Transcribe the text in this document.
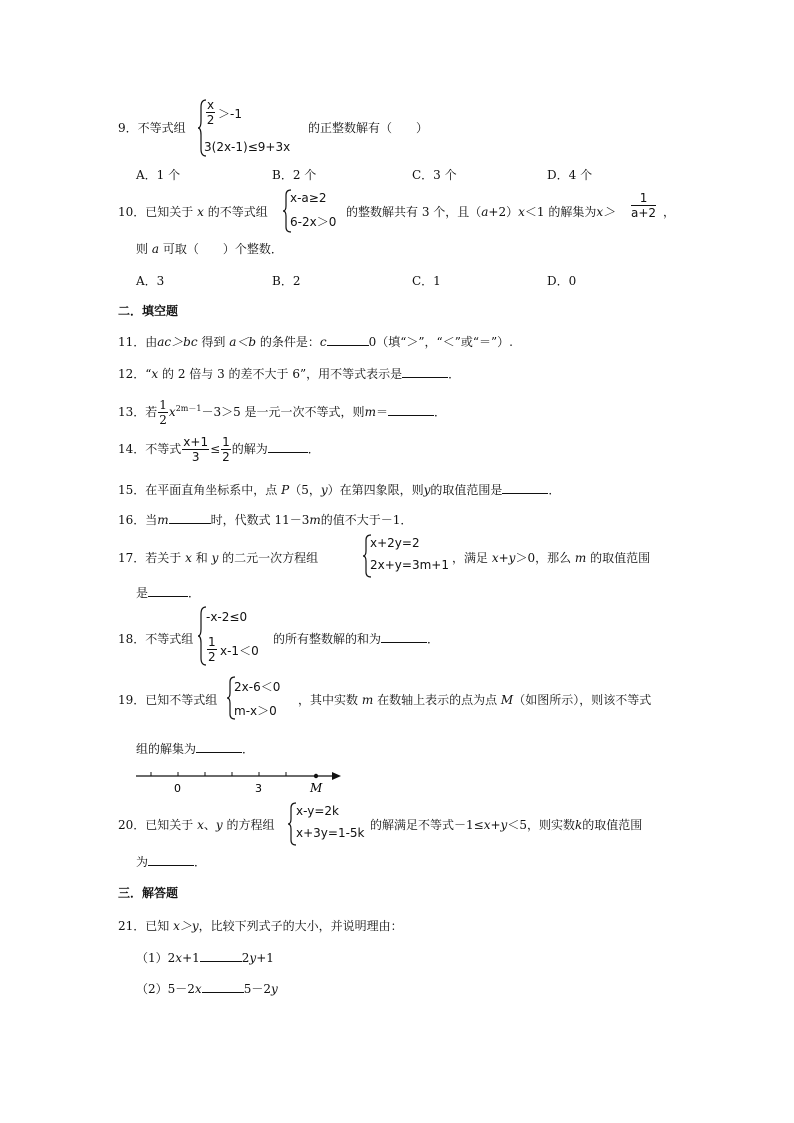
9．不等式组
$\frac{x}{2} >-1$
3(2x-1)≤9+3x
的正整数解有（　　）
A．1 个	B．2 个	C．3 个	D．4 个
10．已知关于 x 的不等式组
x-a≥2
6-2x＞0
的整数解共有 3 个，且（a+2）x＜1 的解集为$x> \frac{1}{a+2}$ ，
则 a 可取（　　）个整数．
A．3	B．2	C．1	D．0
二．填空题
11．由ac＞bc 得到 a＜b 的条件是：c	0（填“＞”，“＜”或“＝”）.
12．“x 的 2 倍与 3 的差不大于 6”，用不等式表示是	．
13．若 $\frac{1}{2} x^{2m-1}-3>5$ 是一元一次不等式，则m＝	．
14．不等式 $\frac{x+1}{3} \le \frac{1}{2}$ 的解为	．
15．在平面直角坐标系中，点 P（5，y）在第四象限，则y的取值范围是	．
16．当m	时，代数式 11－3m的值不大于－1．
17．若关于 x 和 y 的二元一次方程组
x+2y=2
2x+y=3m+1 ，满足 x+y＞0，那么 m 的取值范围
是	．
18．不等式组
-x-2≤0
$\frac{1}{2} x-1<0$
的所有整数解的和为	．
19．已知不等式组
2x-6＜0
m-x＞0
，其中实数 m 在数轴上表示的点为点 M（如图所示），则该不等式
组的解集为	．
0	3	M
20．已知关于 x、y 的方程组
x-y=2k
x+3y=1-5k
的解满足不等式－1≤x+y＜5，则实数k的取值范围
为	．
三．解答题
21．已知 x＞y，比较下列式子的大小，并说明理由：
（1）2x+1	2y+1
（2）5－2x	5－2y
